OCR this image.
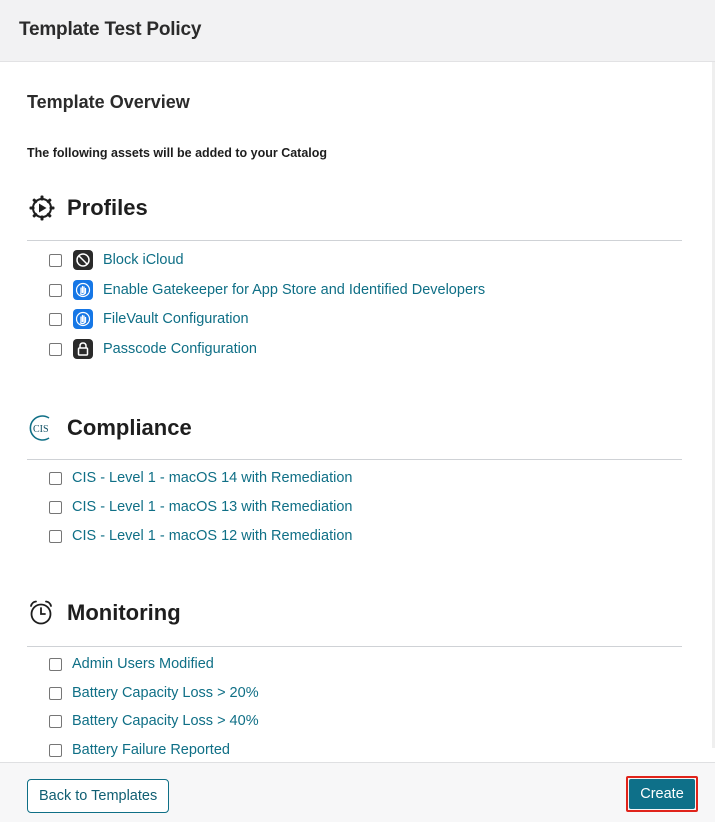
Template Test Policy
Template Overview
The following assets will be added to your Catalog
Profiles
Block iCloud
Enable Gatekeeper for App Store and Identified Developers
FileVault Configuration
Passcode Configuration
CIS Compliance
CIS - Level 1 - macOS 14 with Remediation
CIS - Level 1 - macOS 13 with Remediation
CIS - Level 1 - macOS 12 with Remediation
Monitoring
Admin Users Modified
Battery Capacity Loss > 20%
Battery Capacity Loss > 40%
Battery Failure Reported
Back to Templates	Create
